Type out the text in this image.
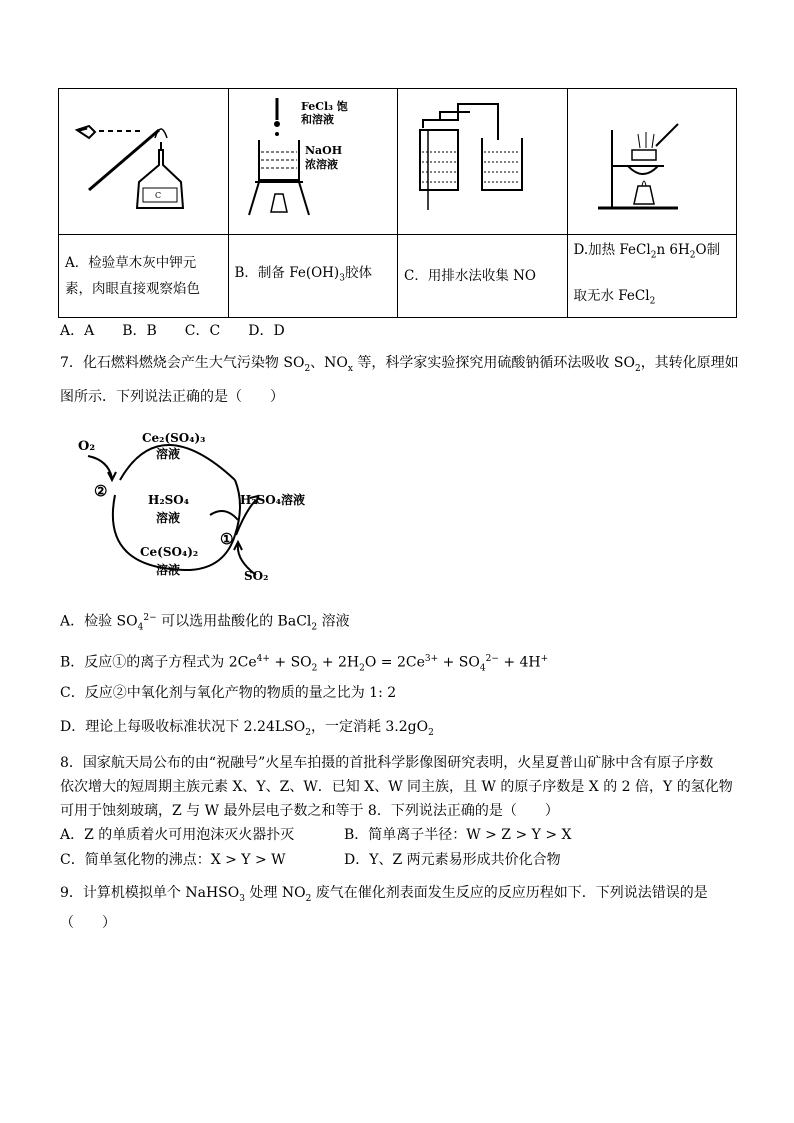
C	FeCl₃ 饱
和溶液
NaOH
浓溶液

A．检验草木灰中钾元素，肉眼直接观察焰色	B．制备 $Fe(OH)_3$胶体	C．用排水法收集 NO	D.加热 FeCl$_2$n $6H_2O$制
取无水 FeCl$_2$
A．A　　B．B　　C．C　　D．D
7．化石燃料燃烧会产生大气污染物 $SO_2$、$NO_x$ 等，科学家实验探究用硫酸钠循环法吸收 $SO_2$，其转化原理如
图所示．下列说法正确的是（　　）
O₂
②
①
Ce₂(SO₄)₃
溶液
H₂SO₄
溶液
H₂SO₄溶液
Ce(SO₄)₂
溶液	SO₂
A．检验 $SO_4^{2-}$ 可以选用盐酸化的 BaCl$_2$ 溶液
B．反应①的离子方程式为 $2Ce^{4+} + SO_2 + 2H_2O = 2Ce^{3+} + SO_4^{2-} + 4H^+$
C．反应②中氧化剂与氧化产物的物质的量之比为 1: 2
D．理论上每吸收标准状况下 $2.24LSO_2$，一定消耗 $3.2gO_2$
8．国家航天局公布的由“祝融号”火星车拍摄的首批科学影像图研究表明，火星夏普山矿脉中含有原子序数
依次增大的短周期主族元素 X、Y、Z、W．已知 X、W 同主族，且 W 的原子序数是 X 的 2 倍，Y 的氢化物
可用于蚀刻玻璃，Z 与 W 最外层电子数之和等于 8．下列说法正确的是（　　）
A．Z 的单质着火可用泡沫灭火器扑灭	B．简单离子半径：W > Z > Y > X
C．简单氢化物的沸点：X > Y > W	D．Y、Z 两元素易形成共价化合物
9．计算机模拟单个 NaHSO$_3$ 处理 $NO_2$ 废气在催化剂表面发生反应的反应历程如下．下列说法错误的是
（　　）
